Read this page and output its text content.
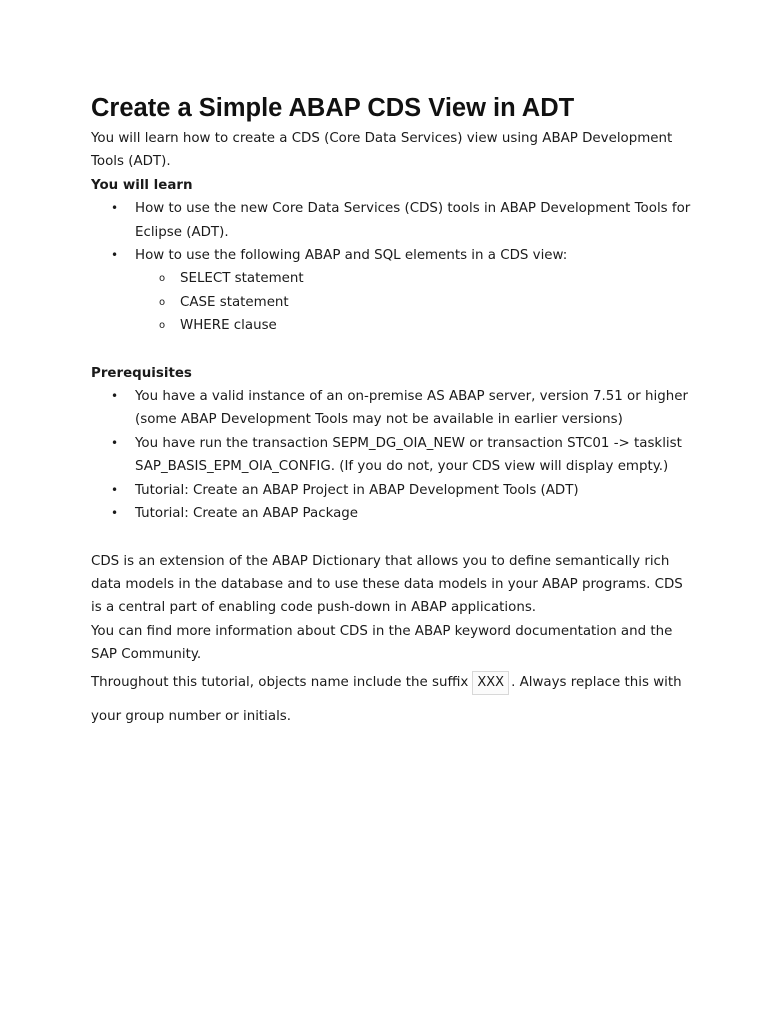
Create a Simple ABAP CDS View in ADT

You will learn how to create a CDS (Core Data Services) view using ABAP Development Tools (ADT).

You will learn

• How to use the new Core Data Services (CDS) tools in ABAP Development Tools for Eclipse (ADT).
• How to use the following ABAP and SQL elements in a CDS view:
o SELECT statement
o CASE statement
o WHERE clause

Prerequisites

• You have a valid instance of an on-premise AS ABAP server, version 7.51 or higher (some ABAP Development Tools may not be available in earlier versions)
• You have run the transaction SEPM_DG_OIA_NEW or transaction STC01 -> tasklist SAP_BASIS_EPM_OIA_CONFIG. (If you do not, your CDS view will display empty.)
• Tutorial: Create an ABAP Project in ABAP Development Tools (ADT)
• Tutorial: Create an ABAP Package

CDS is an extension of the ABAP Dictionary that allows you to define semantically rich data models in the database and to use these data models in your ABAP programs. CDS is a central part of enabling code push-down in ABAP applications.

You can find more information about CDS in the ABAP keyword documentation and the SAP Community.

Throughout this tutorial, objects name include the suffix XXX . Always replace this with

your group number or initials.
